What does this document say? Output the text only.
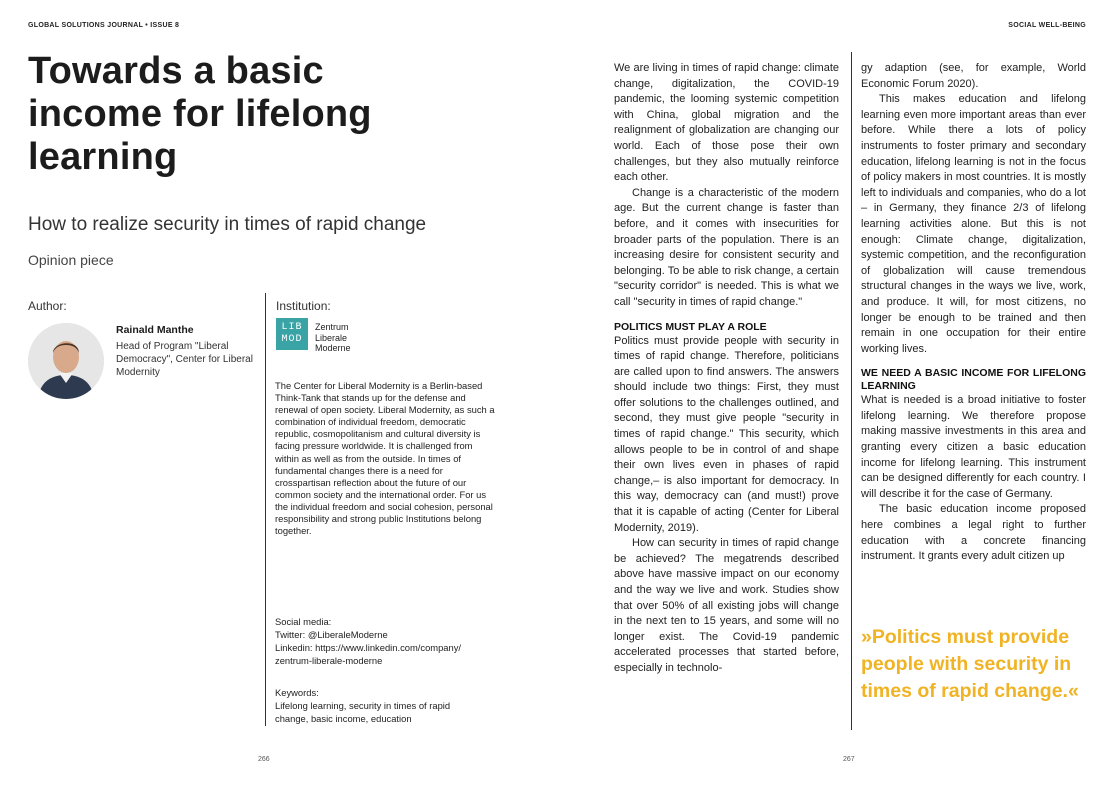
GLOBAL SOLUTIONS JOURNAL • ISSUE 8	SOCIAL WELL-BEING
Towards a basic income for lifelong learning
How to realize security in times of rapid change
Opinion piece
Author:
Rainald Manthe
Head of Program "Liberal Democracy", Center for Liberal Modernity
Institution:
LIB MOD
Zentrum
Liberale
Moderne
The Center for Liberal Modernity is a Berlin-based Think-Tank that stands up for the defense and renewal of open society. Liberal Modernity, as such a combination of individual freedom, democratic republic, cosmopolitanism and cultural diversity is facing pressure worldwide. It is challenged from within as well as from the outside. In times of fundamental changes there is a need for crosspartisan reflection about the future of our common society and the international order. For us the individual freedom and social cohesion, personal responsibility and strong public Institutions belong together.
Social media:
Twitter: @LiberaleModerne
Linkedin: https://www.linkedin.com/company/
zentrum-liberale-moderne
Keywords:
Lifelong learning, security in times of rapid
change, basic income, education
266

We are living in times of rapid change: climate change, digitalization, the COVID-19 pandemic, the looming systemic competition with China, global migration and the realignment of globalization are changing our world. Each of those pose their own challenges, but they also mutually reinforce each other.

Change is a characteristic of the modern age. But the current change is faster than before, and it comes with insecurities for broader parts of the population. There is an increasing desire for consistent security and belonging. To be able to risk change, a certain "security corridor" is needed. This is what we call "security in times of rapid change."

POLITICS MUST PLAY A ROLE

Politics must provide people with security in times of rapid change. Therefore, politicians are called upon to find answers. The answers should include two things: First, they must offer solutions to the challenges outlined, and second, they must give people "security in times of rapid change." This security, which allows people to be in control of and shape their own lives even in phases of rapid change,– is also important for democracy. In this way, democracy can (and must!) prove that it is capable of acting (Center for Liberal Modernity, 2019).

How can security in times of rapid change be achieved? The megatrends described above have massive impact on our economy and the way we live and work. Studies show that over 50% of all existing jobs will change in the next ten to 15 years, and some will no longer exist. The Covid-19 pandemic accelerated processes that started before, especially in technolo-

gy adaption (see, for example, World Economic Forum 2020).

This makes education and lifelong learning even more important areas than ever before. While there a lots of policy instruments to foster primary and secondary education, lifelong learning is not in the focus of policy makers in most countries. It is mostly left to individuals and companies, who do a lot – in Germany, they finance 2/3 of lifelong learning activities alone. But this is not enough: Climate change, digitalization, systemic competition, and the reconfiguration of globalization will cause tremendous structural changes in the ways we live, work, and produce. It will, for most citizens, no longer be enough to be trained and then remain in one occupation for their entire working lives.

WE NEED A BASIC INCOME FOR LIFELONG LEARNING

What is needed is a broad initiative to foster lifelong learning. We therefore propose making massive investments in this area and granting every citizen a basic education income for lifelong learning. This instrument can be designed differently for each country. I will describe it for the case of Germany.

The basic education income proposed here combines a legal right to further education with a concrete financing instrument. It grants every adult citizen up

»Politics must provide people with security in times of rapid change.«
267
